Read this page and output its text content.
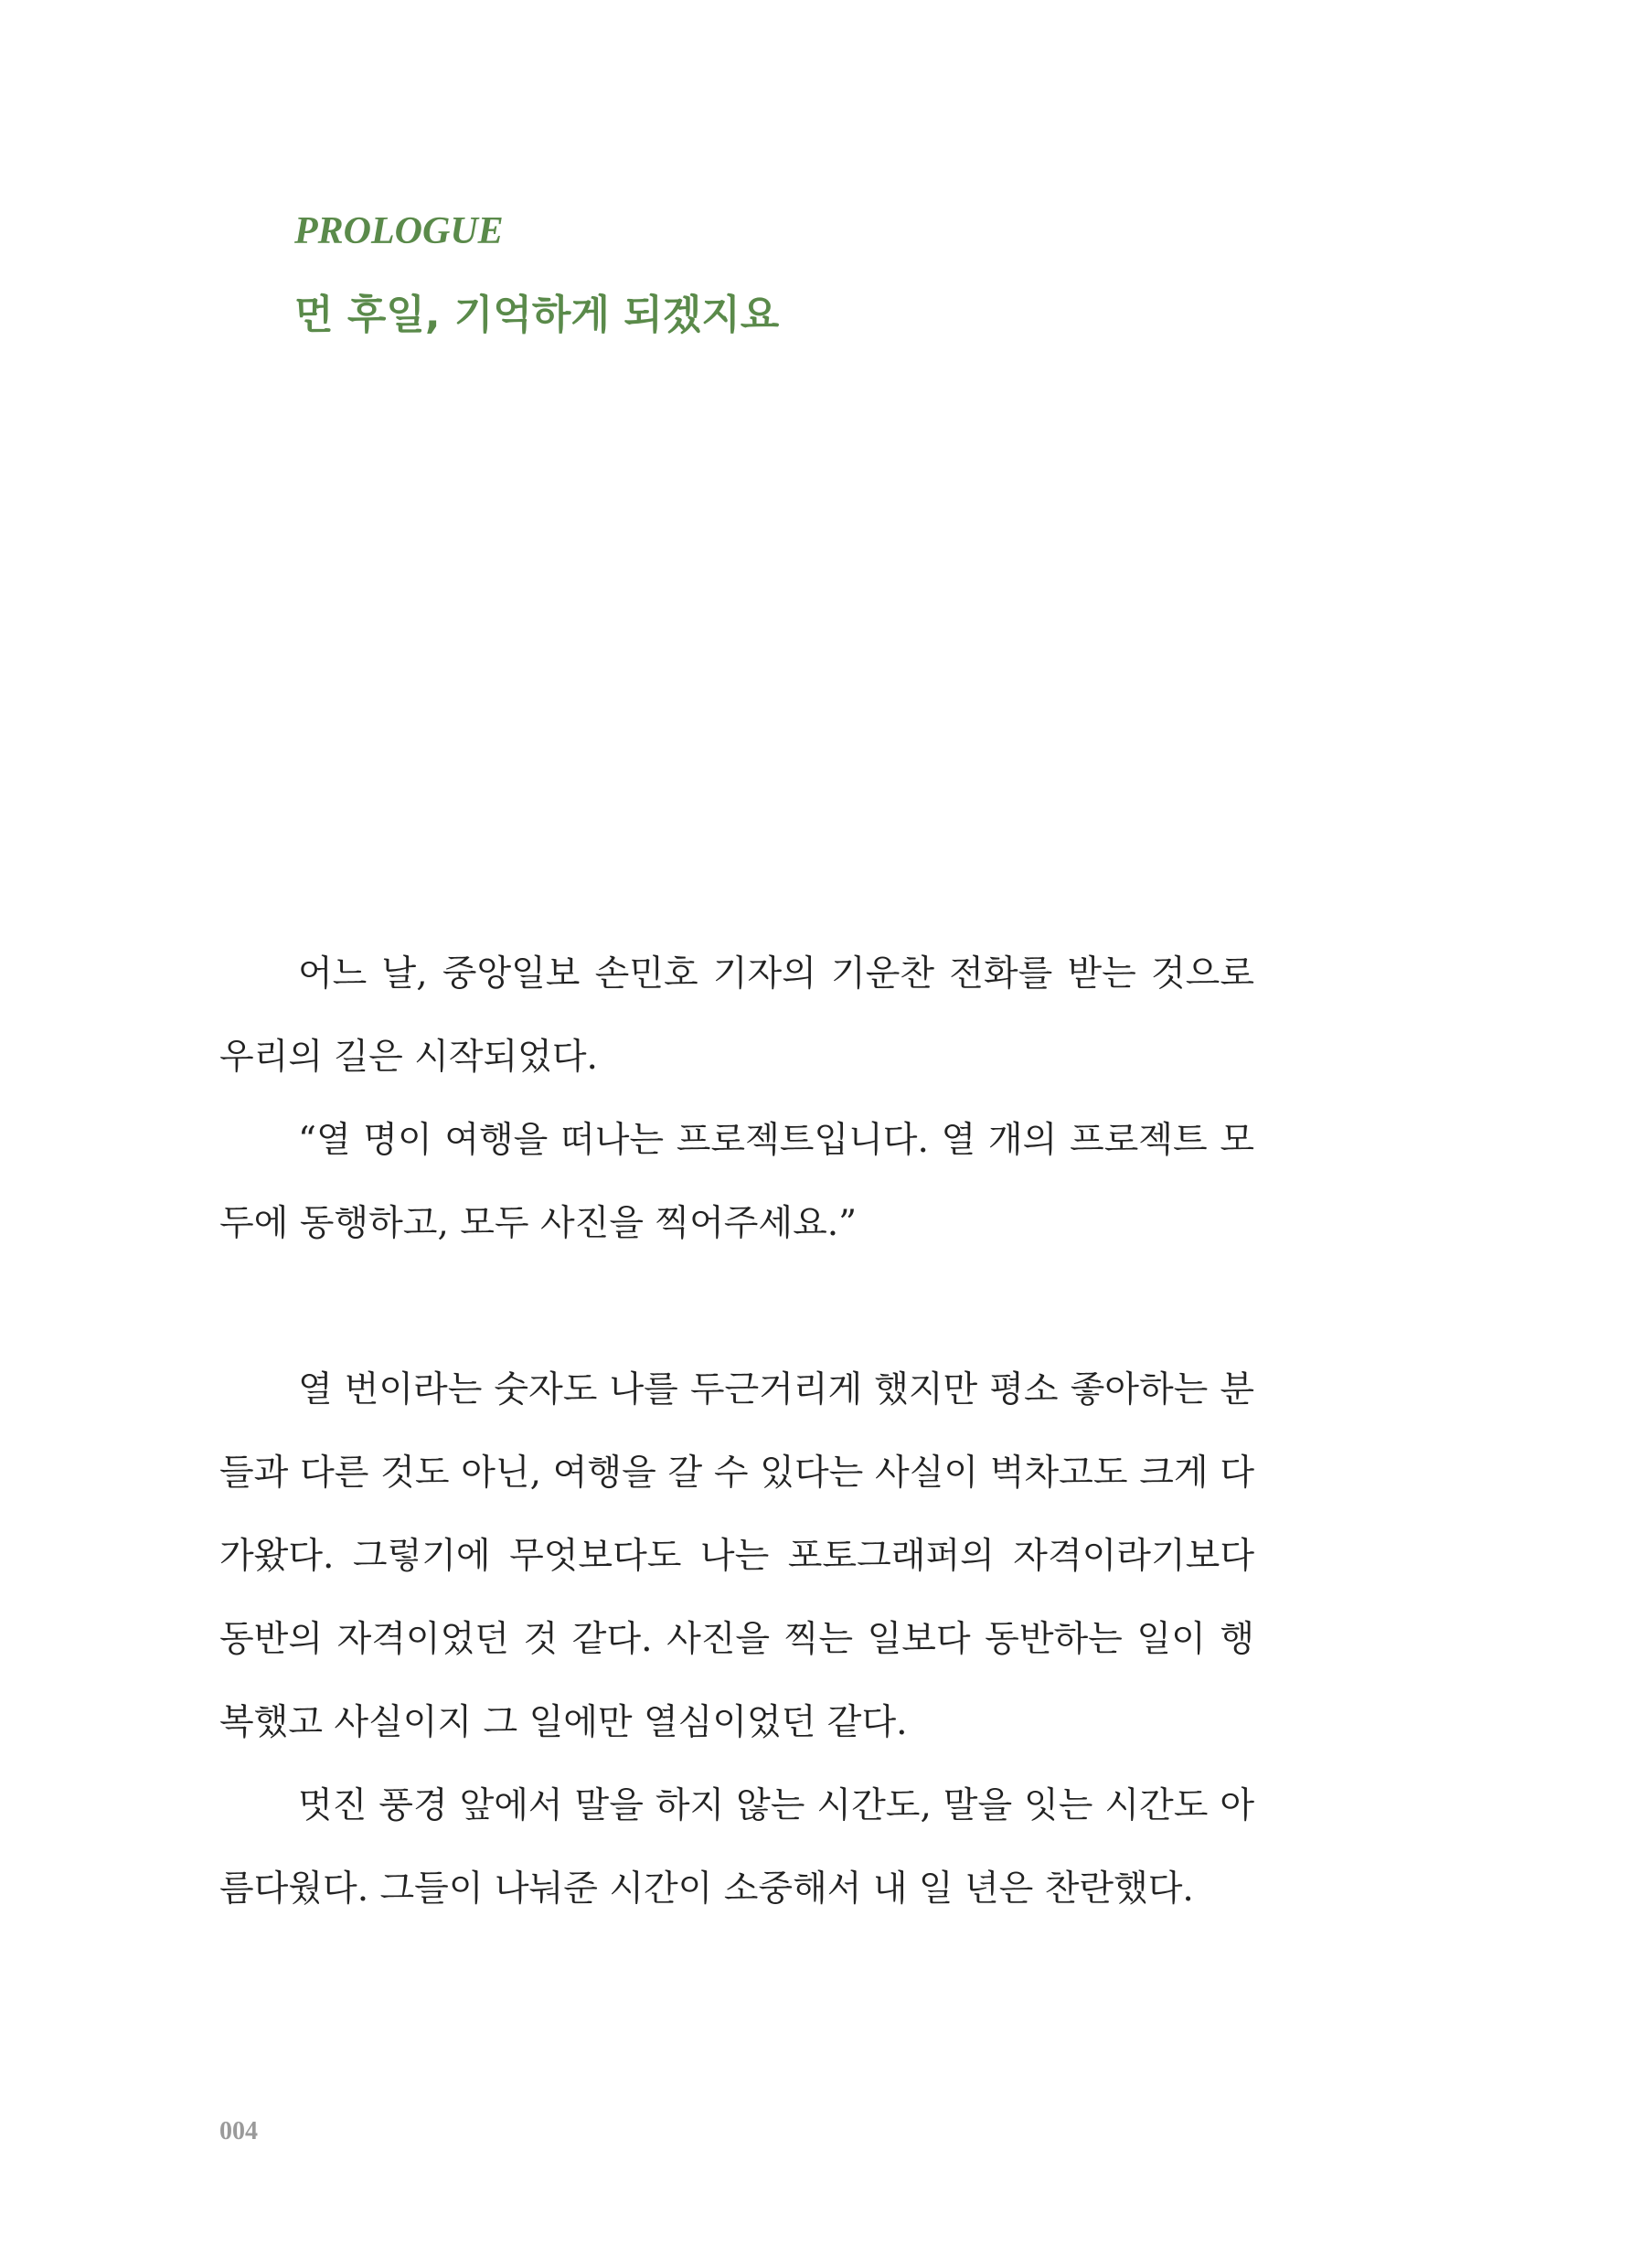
PROLOGUE

먼 후일, 기억하게 되겠지요

어느 날, 중앙일보 손민호 기자의 기운찬 전화를 받는 것으로 우리의 길은 시작되었다.

“열 명이 여행을 떠나는 프로젝트입니다. 열 개의 프로젝트 모두에 동행하고, 모두 사진을 찍어주세요.”

열 번이라는 숫자도 나를 두근거리게 했지만 평소 좋아하는 분들과 다른 것도 아닌, 여행을 갈 수 있다는 사실이 벅차고도 크게 다가왔다. 그렇기에 무엇보다도 나는 포토그래퍼의 자격이라기보다 동반의 자격이었던 것 같다. 사진을 찍는 일보다 동반하는 일이 행복했고 사실이지 그 일에만 열심이었던 같다.

멋진 풍경 앞에서 말을 하지 않는 시간도, 말을 잇는 시간도 아름다웠다. 그들이 나눠준 시간이 소중해서 내 일 년은 찬란했다.

004
